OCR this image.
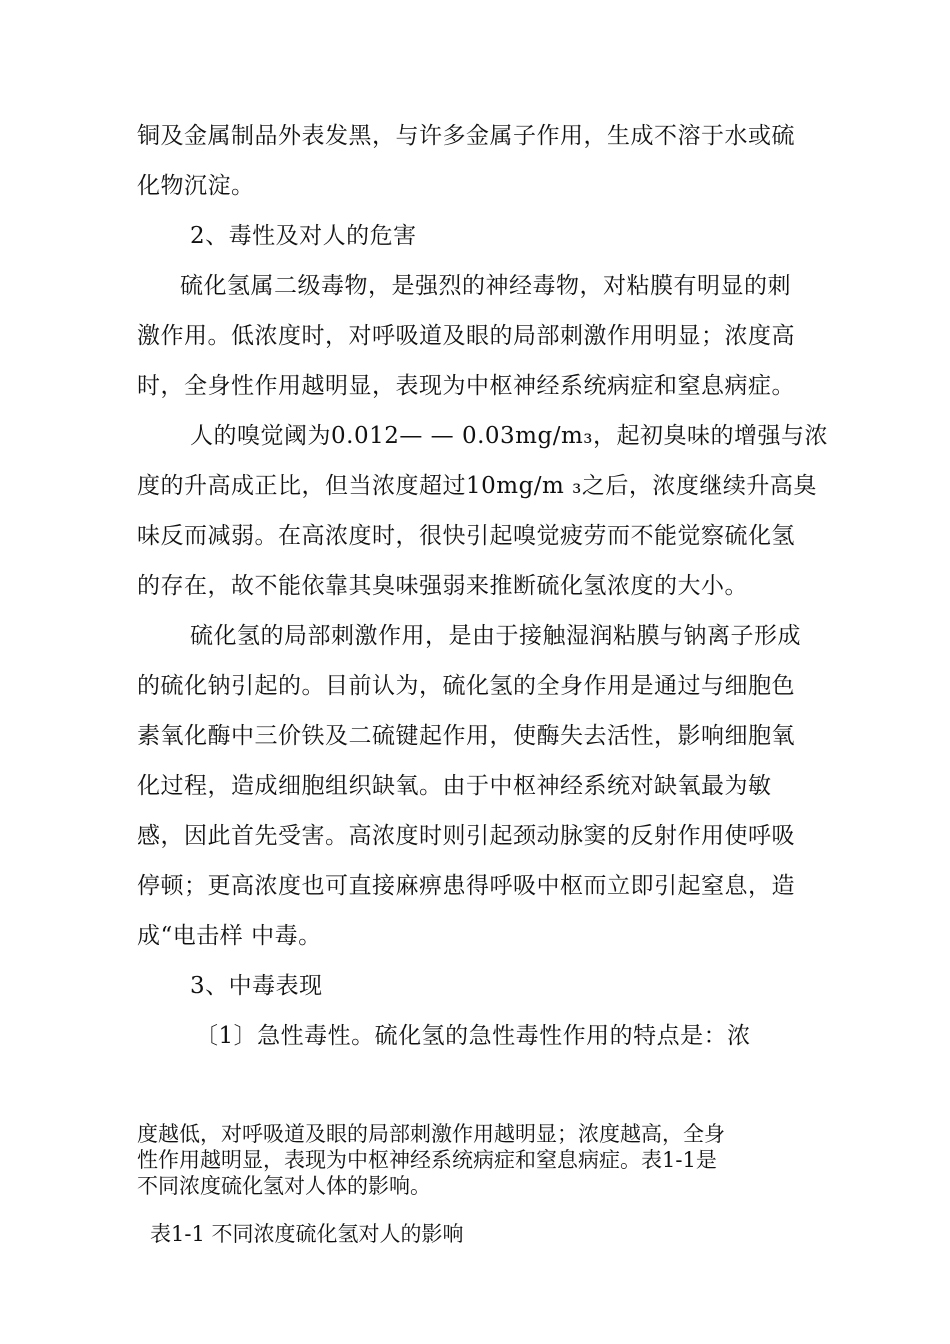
铜及金属制品外表发黑，与许多金属子作用，生成不溶于水或硫

化物沉淀。

2、毒性及对人的危害

硫化氢属二级毒物，是强烈的神经毒物，对粘膜有明显的刺

激作用。低浓度时，对呼吸道及眼的局部刺激作用明显；浓度高

时，全身性作用越明显，表现为中枢神经系统病症和窒息病症。

人的嗅觉阈为0.012— — 0.03mg/m₃，起初臭味的增强与浓

度的升高成正比，但当浓度超过10mg/m ₃之后，浓度继续升高臭

味反而减弱。在高浓度时，很快引起嗅觉疲劳而不能觉察硫化氢

的存在，故不能依靠其臭味强弱来推断硫化氢浓度的大小。

硫化氢的局部刺激作用，是由于接触湿润粘膜与钠离子形成

的硫化钠引起的。目前认为，硫化氢的全身作用是通过与细胞色

素氧化酶中三价铁及二硫键起作用，使酶失去活性，影响细胞氧

化过程，造成细胞组织缺氧。由于中枢神经系统对缺氧最为敏

感，因此首先受害。高浓度时则引起颈动脉窦的反射作用使呼吸

停顿；更高浓度也可直接麻痹患得呼吸中枢而立即引起窒息，造

成“电击样 中毒。

3、中毒表现

〔1〕急性毒性。硫化氢的急性毒性作用的特点是：浓

度越低，对呼吸道及眼的局部刺激作用越明显；浓度越高，全身

性作用越明显，表现为中枢神经系统病症和窒息病症。表1-1是

不同浓度硫化氢对人体的影响。

表1-1 不同浓度硫化氢对人的影响
